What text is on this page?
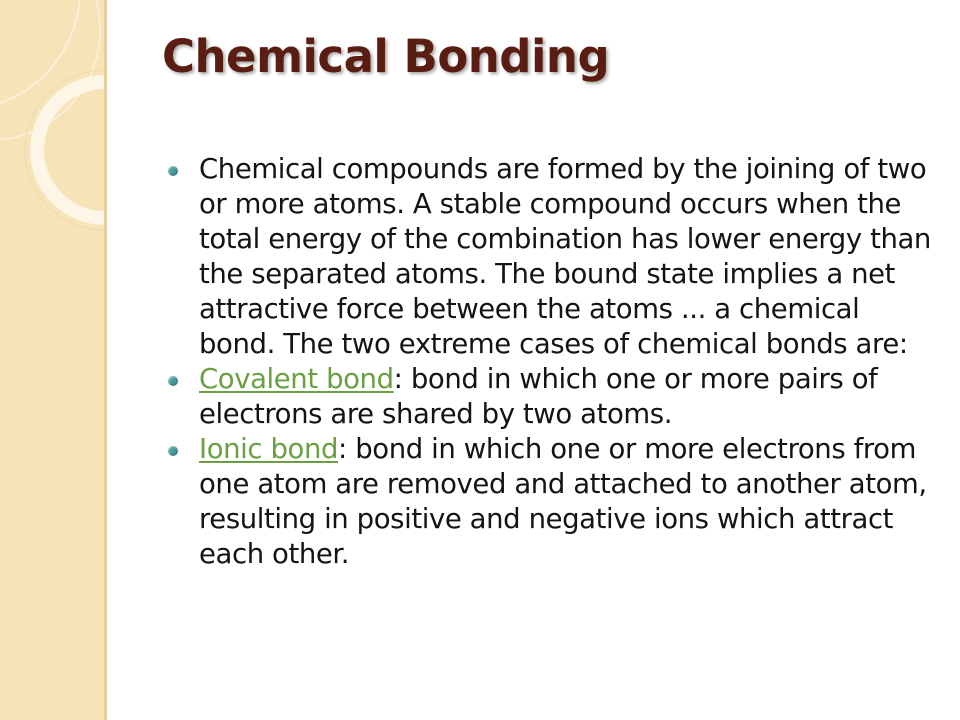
Chemical Bonding
Chemical compounds are formed by the joining of two or more atoms. A stable compound occurs when the total energy of the combination has lower energy than the separated atoms. The bound state implies a net attractive force between the atoms ... a chemical bond. The two extreme cases of chemical bonds are:
Covalent bond: bond in which one or more pairs of electrons are shared by two atoms.
Ionic bond: bond in which one or more electrons from one atom are removed and attached to another atom, resulting in positive and negative ions which attract each other.
